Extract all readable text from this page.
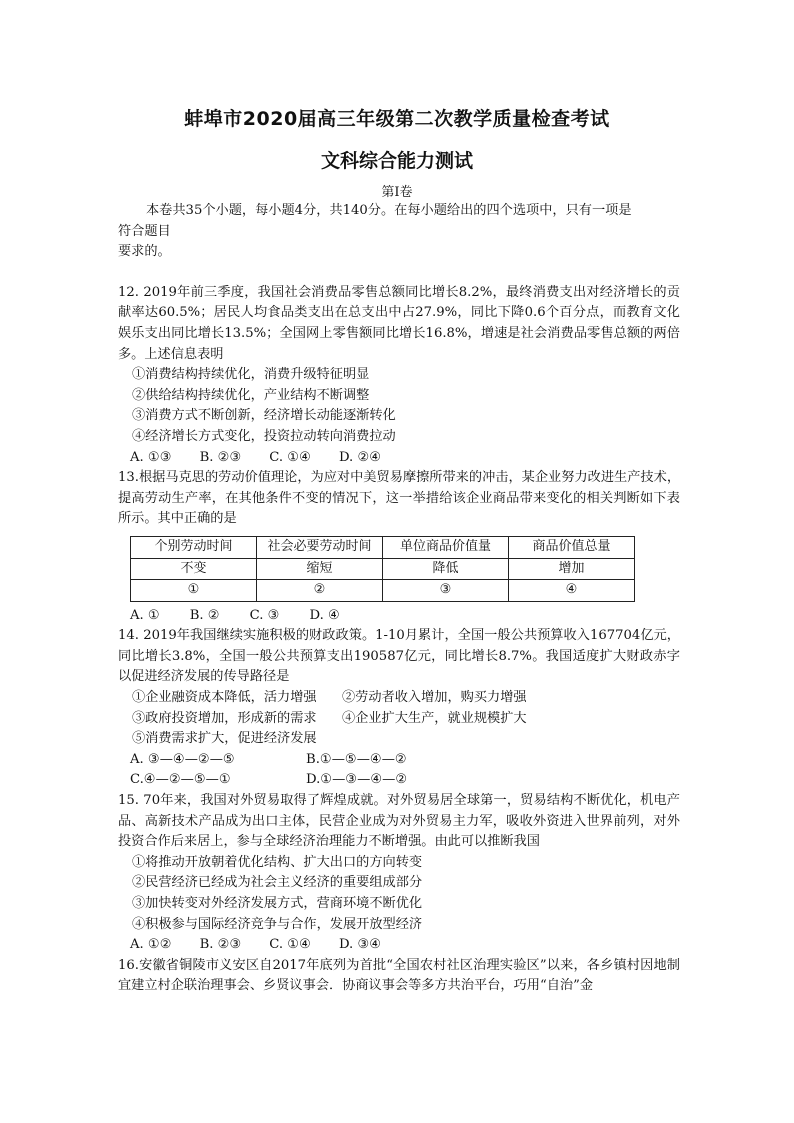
蚌埠市2020届高三年级第二次教学质量检查考试
文科综合能力测试
第Ⅰ卷
本卷共35个小题，每小题4分，共140分。在每小题给出的四个选项中，只有一项是
符合题目
要求的。
12. 2019年前三季度，我国社会消费品零售总额同比增长8.2%，最终消费支出对经济增长的贡献率达60.5%；居民人均食品类支出在总支出中占27.9%，同比下降0.6个百分点，而教育文化娱乐支出同比增长13.5%；全国网上零售额同比增长16.8%，增速是社会消费品零售总额的两倍多。上述信息表明
①消费结构持续优化，消费升级特征明显
②供给结构持续优化，产业结构不断调整
③消费方式不断创新，经济增长动能逐渐转化
④经济增长方式变化，投资拉动转向消费拉动
A. ①③ B. ②③ C. ①④ D. ②④
13.根据马克思的劳动价值理论，为应对中美贸易摩擦所带来的冲击，某企业努力改进生产技术，提高劳动生产率，在其他条件不变的情况下，这一举措给该企业商品带来变化的相关判断如下表所示。其中正确的是
个别劳动时间	社会必要劳动时间	单位商品价值量	商品价值总量
不变	缩短	降低	增加
①	②	③	④
A. ① B. ② C. ③ D. ④
14. 2019年我国继续实施积极的财政政策。1-10月累计，全国一般公共预算收入167704亿元，同比增长3.8%，全国一般公共预算支出190587亿元，同比增长8.7%。我国适度扩大财政赤字以促进经济发展的传导路径是
①企业融资成本降低，活力增强 ②劳动者收入增加，购买力增强
③政府投资增加，形成新的需求 ④企业扩大生产，就业规模扩大
⑤消费需求扩大，促进经济发展
A. ③—④—②—⑤	B.①—⑤—④—②
C.④—②—⑤—①	D.①—③—④—②
15. 70年来，我国对外贸易取得了辉煌成就。对外贸易居全球第一，贸易结构不断优化，机电产品、高新技术产品成为出口主体，民营企业成为对外贸易主力军，吸收外资进入世界前列，对外投资合作后来居上，参与全球经济治理能力不断增强。由此可以推断我国
①将推动开放朝着优化结构、扩大出口的方向转变
②民营经济已经成为社会主义经济的重要组成部分
③加快转变对外经济发展方式，营商环境不断优化
④积极参与国际经济竞争与合作，发展开放型经济
A. ①② B. ②③ C. ①④ D. ③④
16.安徽省铜陵市义安区自2017年底列为首批“全国农村社区治理实验区”以来，各乡镇村因地制宜建立村企联治理事会、乡贤议事会．协商议事会等多方共治平台，巧用“自治”金
